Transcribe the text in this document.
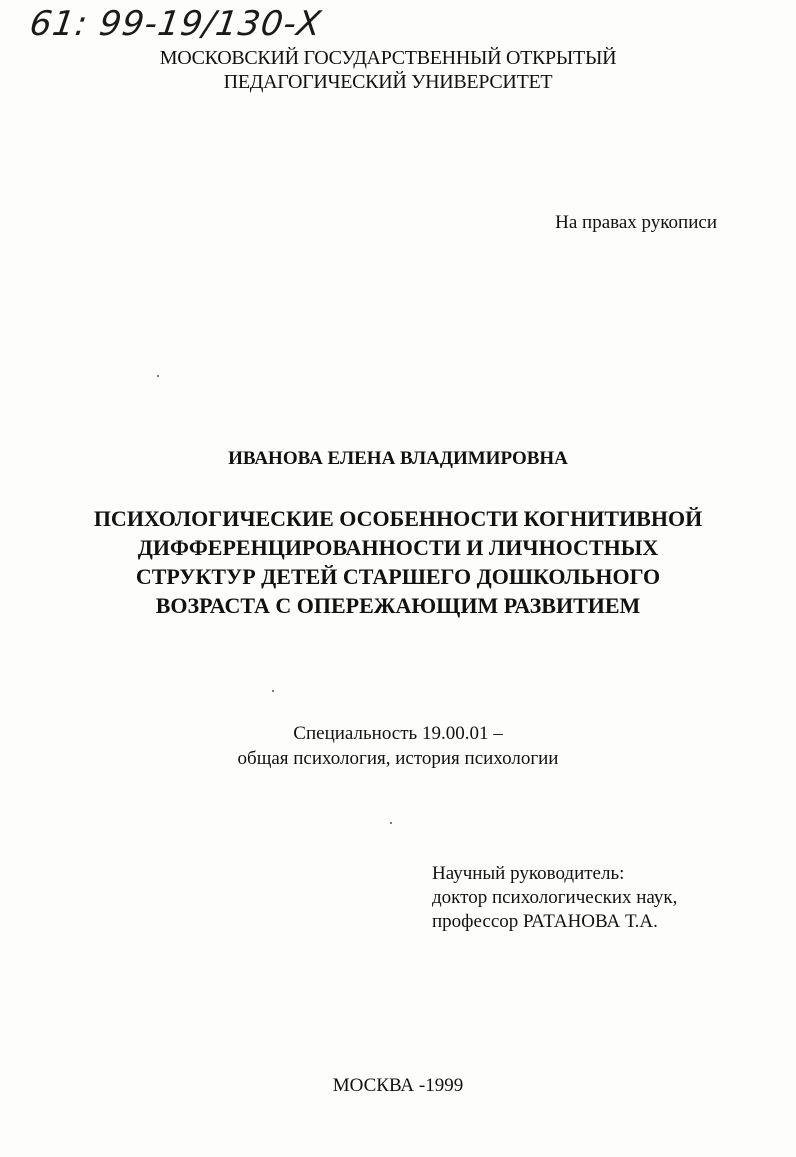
61: 99-19/130-Х
МОСКОВСКИЙ ГОСУДАРСТВЕННЫЙ ОТКРЫТЫЙ
ПЕДАГОГИЧЕСКИЙ УНИВЕРСИТЕТ
На правах рукописи
ИВАНОВА ЕЛЕНА ВЛАДИМИРОВНА
ПСИХОЛОГИЧЕСКИЕ ОСОБЕННОСТИ КОГНИТИВНОЙ
ДИФФЕРЕНЦИРОВАННОСТИ И ЛИЧНОСТНЫХ
СТРУКТУР ДЕТЕЙ СТАРШЕГО ДОШКОЛЬНОГО
ВОЗРАСТА С ОПЕРЕЖАЮЩИМ РАЗВИТИЕМ
Специальность 19.00.01 –
общая психология, история психологии
Научный руководитель:
доктор психологических наук,
профессор РАТАНОВА Т.А.
МОСКВА -1999
